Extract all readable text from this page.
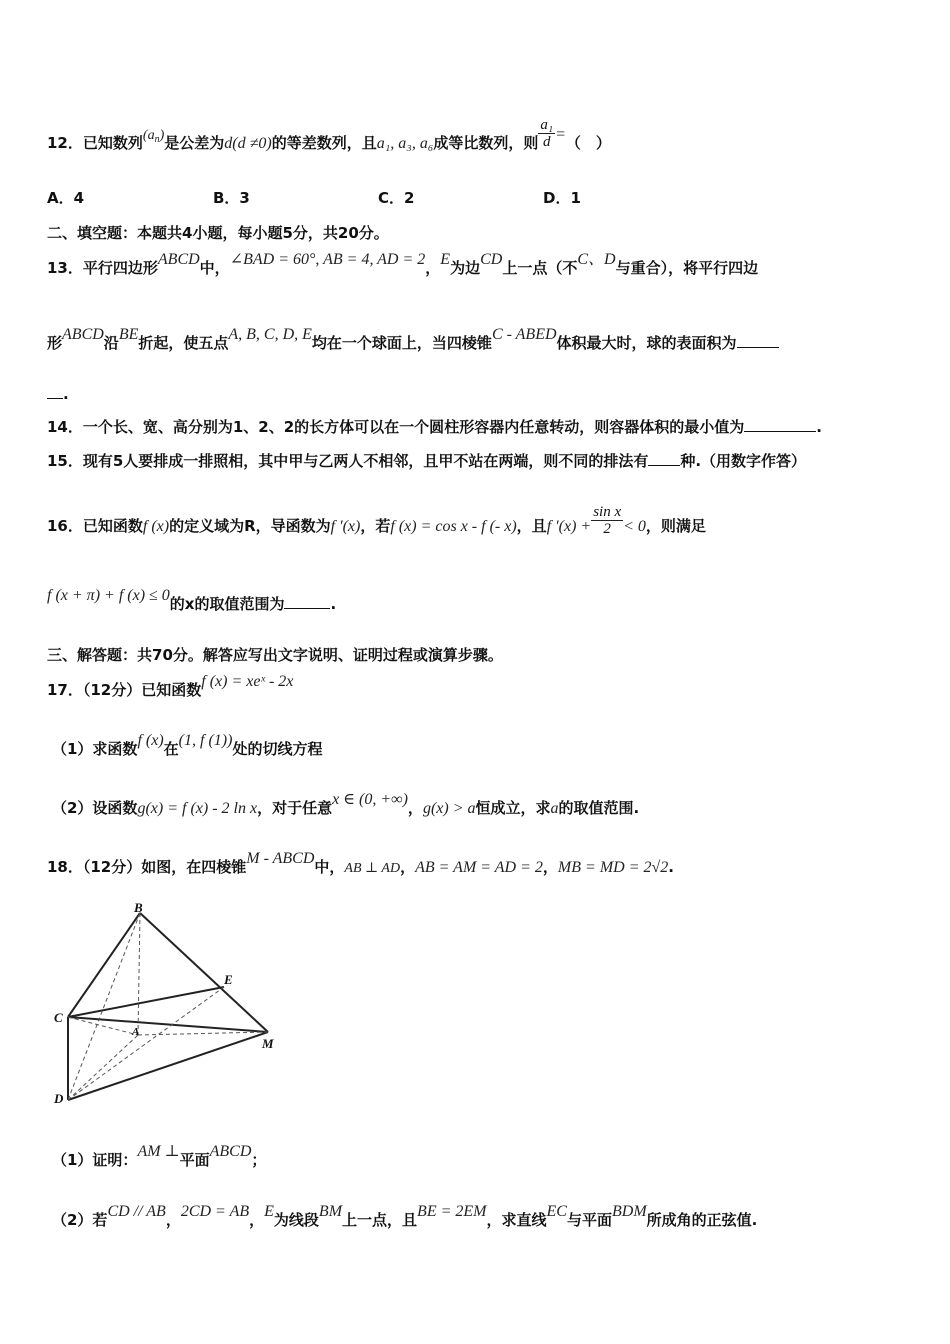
12．已知数列$(a_n)$是公差为d(d ≠0)的等差数列，且a₁, a₃, a₆成等比数列，则 $\frac{\text{a₁}}{d}$ =（　）
A．4	B．3	C．2	D．1
二、填空题：本题共4小题，每小题5分，共20分。
13．平行四边形ABCD中，∠BAD = 60°, AB = 4, AD = 2，E为边CD上一点（不C、D与重合），将平行四边
形ABCD沿BE折起，使五点A, B, C, D, E均在一个球面上，当四棱锥C - ABED体积最大时，球的表面积为
.
14．一个长、宽、高分别为1、2、2的长方体可以在一个圆柱形容器内任意转动，则容器体积的最小值为	.
15．现有5人要排成一排照相，其中甲与乙两人不相邻，且甲不站在两端，则不同的排法有 种.（用数字作答）
16．已知函数f (x)的定义域为R，导函数为f ′(x)，若f (x) = cos x - f (- x)，且f $'(x) + \frac{\text{sin x}}{2} < 0$，则满足
f (x + π) + f (x) ≤ 0的x的取值范围为	.
三、解答题：共70分。解答应写出文字说明、证明过程或演算步骤。
17．（12分）已知函数f (x) = xeˣ - 2x
（1）求函数f (x)在(1, f (1))处的切线方程
（2）设函数g(x) = f (x) - 2 ln x，对于任意x ∈ (0, +∞)，g(x) > a恒成立，求a的取值范围.
18．（12分）如图，在四棱锥M - ABCD中，AB ⊥ AD，AB = AM = AD = 2，MB = MD = 2√2.
B
E
C
A
M
D
（1）证明：AM ⊥平面ABCD；
（2）若CD // AB，2CD = AB，E为线段BM上一点，且BE = 2EM，求直线EC与平面BDM所成角的正弦值.
